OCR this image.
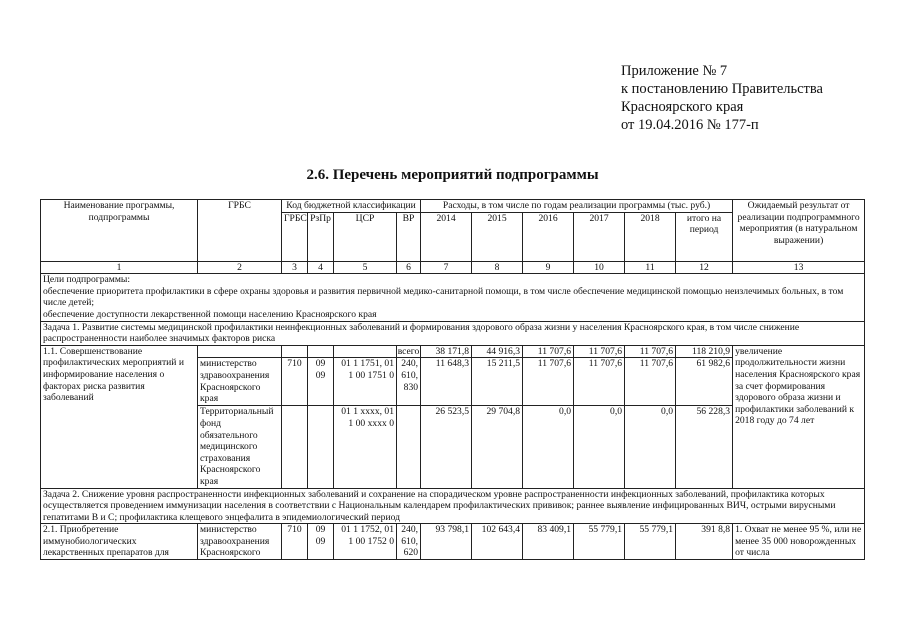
Приложение № 7
к постановлению Правительства
Красноярского края
от 19.04.2016 № 177-п
2.6. Перечень мероприятий подпрограммы
Наименование программы, подпрограммы	ГРБС	Код бюджетной классификации				Расходы, в том числе по годам реализации программы (тыс. руб.)						Ожидаемый результат от реализации подпрограммного мероприятия (в натуральном выражении)
		ГРБС	РзПр	ЦСР	ВР	2014	2015	2016	2017	2018	итого на период	
1	2	3	4	5	6	7	8	9	10	11	12	13

Цели подпрограммы:
обеспечение приоритета профилактики в сфере охраны здоровья и развития первичной медико-санитарной помощи, в том числе обеспечение медицинской помощью неизлечимых больных, в том числе детей;
обеспечение доступности лекарственной помощи населению Красноярского края												

Задача 1. Развитие системы медицинской профилактики неинфекционных заболеваний и формирования здорового образа жизни у населения Красноярского края, в том числе снижение распространенности наиболее значимых факторов риска												
1.1. Совершенствование профилактических мероприятий и информирование населения о факторах риска развития заболеваний					всего	38 171,8	44 916,3	11 707,6	11 707,6	11 707,6	118 210,9	увеличение продолжительности жизни населения Красноярского края за счет формирования здорового образа жизни и профилактики заболеваний к 2018 году до 74 лет
	министерство здравоохранения Красноярского края	710	09 09	01 1 1751, 01 1 00 1751 0	240, 610, 830	11 648,3	15 211,5	11 707,6	11 707,6	11 707,6	61 982,6	
	Территориальный фонд обязательного медицинского страхования Красноярского края			01 1 xxxx, 01 1 00 xxxx 0		26 523,5	29 704,8	0,0	0,0	0,0	56 228,3	
Задача 2. Снижение уровня распространенности инфекционных заболеваний и сохранение на спорадическом уровне распространенности инфекционных заболеваний, профилактика которых осуществляется проведением иммунизации населения в соответствии с Национальным календарем профилактических прививок; раннее выявление инфицированных ВИЧ, острыми вирусными гепатитами В и С; профилактика клещевого энцефалита в эпидемиологический период												
2.1. Приобретение иммунобиологических лекарственных препаратов для	министерство здравоохранения Красноярского	710	09 09	01 1 1752, 01 1 00 1752 0	240, 610, 620	93 798,1	102 643,4	83 409,1	55 779,1	55 779,1	391 8,8	1. Охват не менее 95 %, или не менее 35 000 новорожденных от числа
